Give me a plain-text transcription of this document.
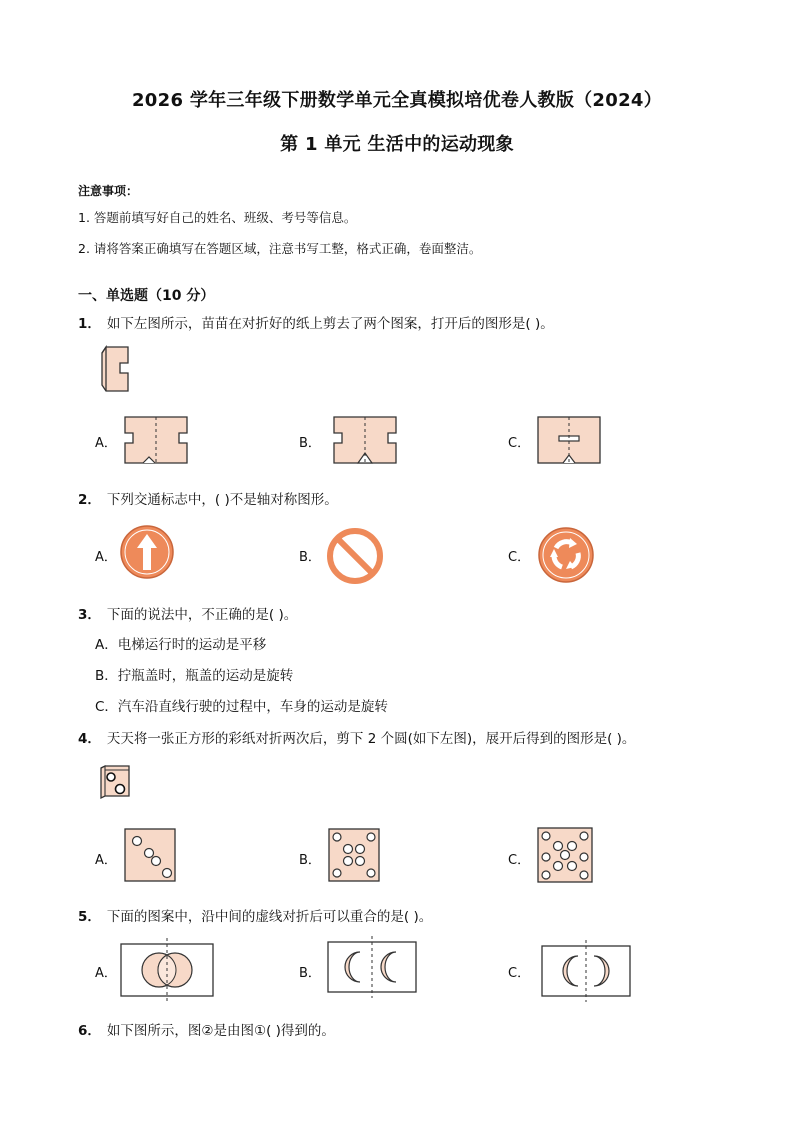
2026 学年三年级下册数学单元全真模拟培优卷人教版（2024）
第 1 单元 生活中的运动现象
注意事项：
1. 答题前填写好自己的姓名、班级、考号等信息。
2. 请将答案正确填写在答题区域，注意书写工整，格式正确，卷面整洁。
一、单选题（10 分）
1． 如下左图所示，苗苗在对折好的纸上剪去了两个图案，打开后的图形是( )。
A．	B．	C．
2． 下列交通标志中，( )不是轴对称图形。
A．	B．	C．
3． 下面的说法中，不正确的是( )。
A．电梯运行时的运动是平移
B．拧瓶盖时，瓶盖的运动是旋转
C．汽车沿直线行驶的过程中，车身的运动是旋转
4． 天天将一张正方形的彩纸对折两次后，剪下 2 个圆(如下左图)，展开后得到的图形是( )。
A．	B．	C．
5． 下面的图案中，沿中间的虚线对折后可以重合的是( )。
A．	B．	C．
6． 如下图所示，图②是由图①( )得到的。
